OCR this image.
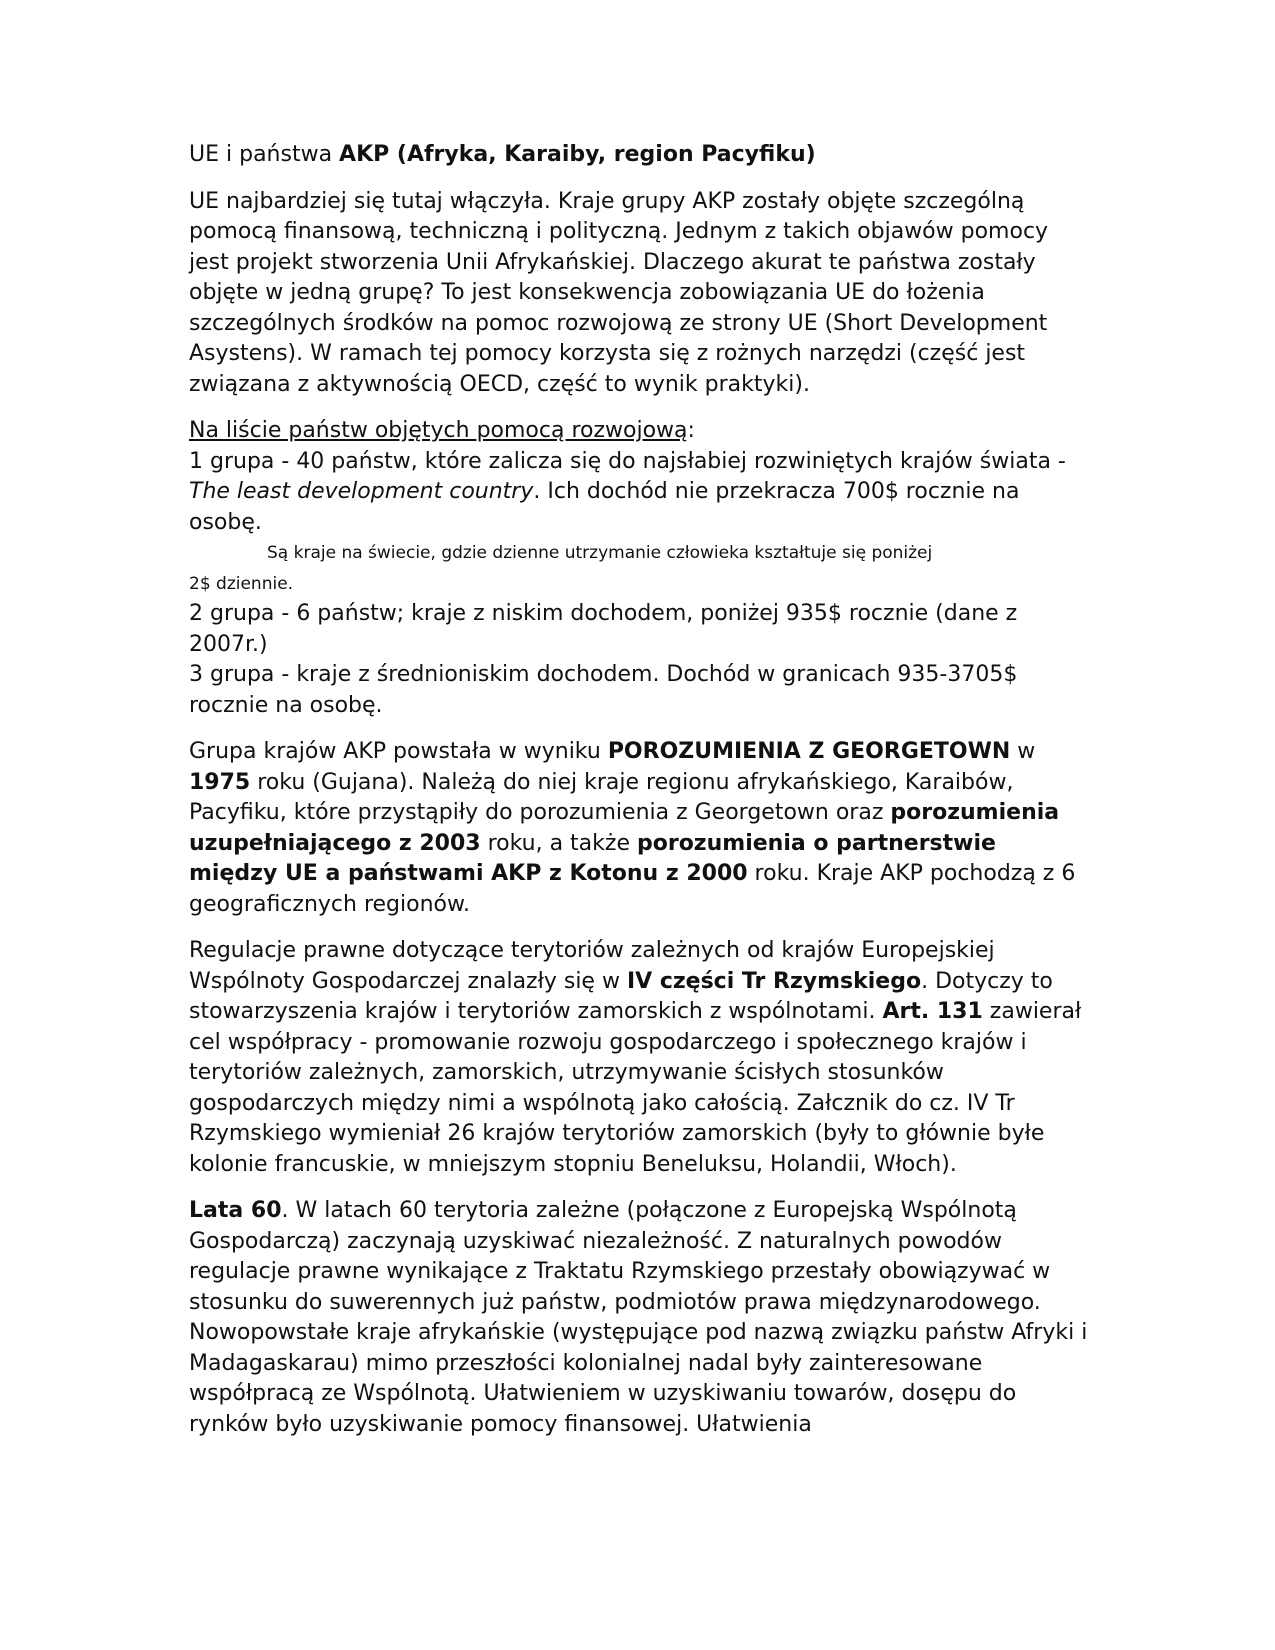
UE i państwa AKP (Afryka, Karaiby, region Pacyfiku)

UE najbardziej się tutaj włączyła. Kraje grupy AKP zostały objęte szczególną pomocą finansową, techniczną i polityczną. Jednym z takich objawów pomocy jest projekt stworzenia Unii Afrykańskiej. Dlaczego akurat te państwa zostały objęte w jedną grupę? To jest konsekwencja zobowiązania UE do łożenia szczególnych środków na pomoc rozwojową ze strony UE (Short Development Asystens). W ramach tej pomocy korzysta się z rożnych narzędzi (część jest związana z aktywnością OECD, część to wynik praktyki).

Na liście państw objętych pomocą rozwojową:

1 grupa - 40 państw, które zalicza się do najsłabiej rozwiniętych krajów świata - The least development country. Ich dochód nie przekracza 700$ rocznie na osobę.

Są kraje na świecie, gdzie dzienne utrzymanie człowieka kształtuje się poniżej

2$ dziennie.

2 grupa - 6 państw; kraje z niskim dochodem, poniżej 935$ rocznie (dane z 2007r.)

3 grupa - kraje z średnioniskim dochodem. Dochód w granicach 935-3705$ rocznie na osobę.

Grupa krajów AKP powstała w wyniku POROZUMIENIA Z GEORGETOWN w 1975 roku (Gujana). Należą do niej kraje regionu afrykańskiego, Karaibów, Pacyfiku, które przystąpiły do porozumienia z Georgetown oraz porozumienia uzupełniającego z 2003 roku, a także porozumienia o partnerstwie między UE a państwami AKP z Kotonu z 2000 roku. Kraje AKP pochodzą z 6 geograficznych regionów.

Regulacje prawne dotyczące terytoriów zależnych od krajów Europejskiej Wspólnoty Gospodarczej znalazły się w IV części Tr Rzymskiego. Dotyczy to stowarzyszenia krajów i terytoriów zamorskich z wspólnotami. Art. 131 zawierał cel współpracy - promowanie rozwoju gospodarczego i społecznego krajów i terytoriów zależnych, zamorskich, utrzymywanie ścisłych stosunków gospodarczych między nimi a wspólnotą jako całością. Załcznik do cz. IV Tr Rzymskiego wymieniał 26 krajów terytoriów zamorskich (były to głównie byłe kolonie francuskie, w mniejszym stopniu Beneluksu, Holandii, Włoch).

Lata 60. W latach 60 terytoria zależne (połączone z Europejską Wspólnotą Gospodarczą) zaczynają uzyskiwać niezależność. Z naturalnych powodów regulacje prawne wynikające z Traktatu Rzymskiego przestały obowiązywać w stosunku do suwerennych już państw, podmiotów prawa międzynarodowego. Nowopowstałe kraje afrykańskie (występujące pod nazwą związku państw Afryki i Madagaskarau) mimo przeszłości kolonialnej nadal były zainteresowane współpracą ze Wspólnotą. Ułatwieniem w uzyskiwaniu towarów, dosępu do rynków było uzyskiwanie pomocy finansowej. Ułatwienia
